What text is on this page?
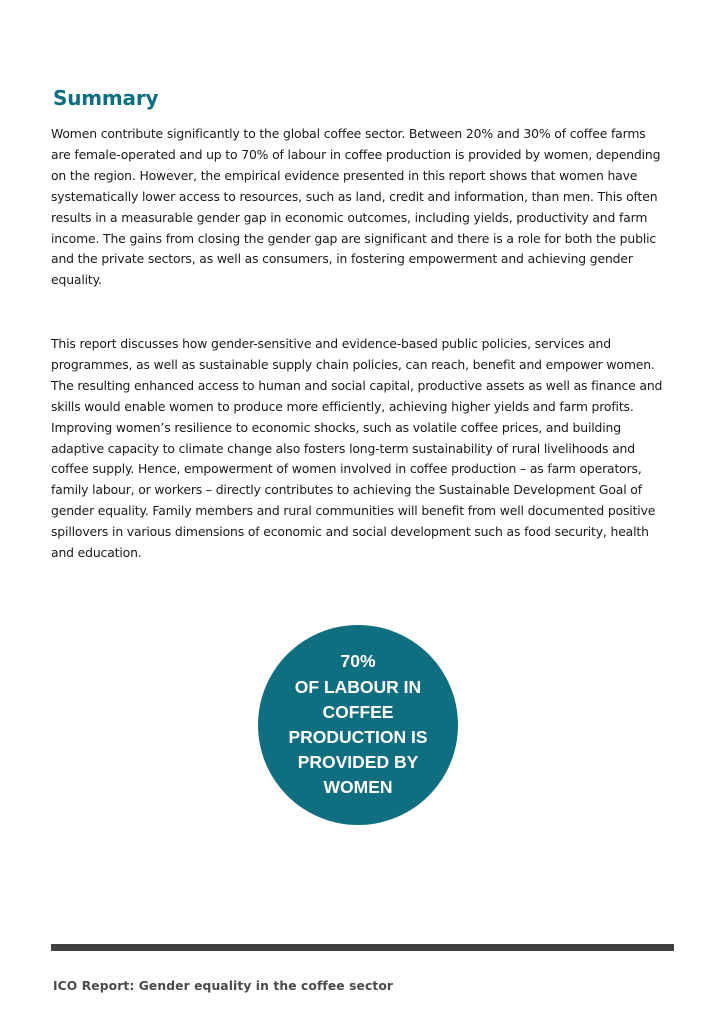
Summary

Women contribute significantly to the global coffee sector. Between 20% and 30% of coffee farms are female-operated and up to 70% of labour in coffee production is provided by women, depending on the region. However, the empirical evidence presented in this report shows that women have systematically lower access to resources, such as land, credit and information, than men. This often results in a measurable gender gap in economic outcomes, including yields, productivity and farm income. The gains from closing the gender gap are significant and there is a role for both the public and the private sectors, as well as consumers, in fostering empowerment and achieving gender equality.

This report discusses how gender-sensitive and evidence-based public policies, services and programmes, as well as sustainable supply chain policies, can reach, benefit and empower women. The resulting enhanced access to human and social capital, productive assets as well as finance and skills would enable women to produce more efficiently, achieving higher yields and farm profits. Improving women’s resilience to economic shocks, such as volatile coffee prices, and building adaptive capacity to climate change also fosters long-term sustainability of rural livelihoods and coffee supply. Hence, empowerment of women involved in coffee production – as farm operators, family labour, or workers – directly contributes to achieving the Sustainable Development Goal of gender equality. Family members and rural communities will benefit from well documented positive spillovers in various dimensions of economic and social development such as food security, health and education.

70%
OF LABOUR IN
COFFEE
PRODUCTION IS
PROVIDED BY
WOMEN

ICO Report: Gender equality in the coffee sector
